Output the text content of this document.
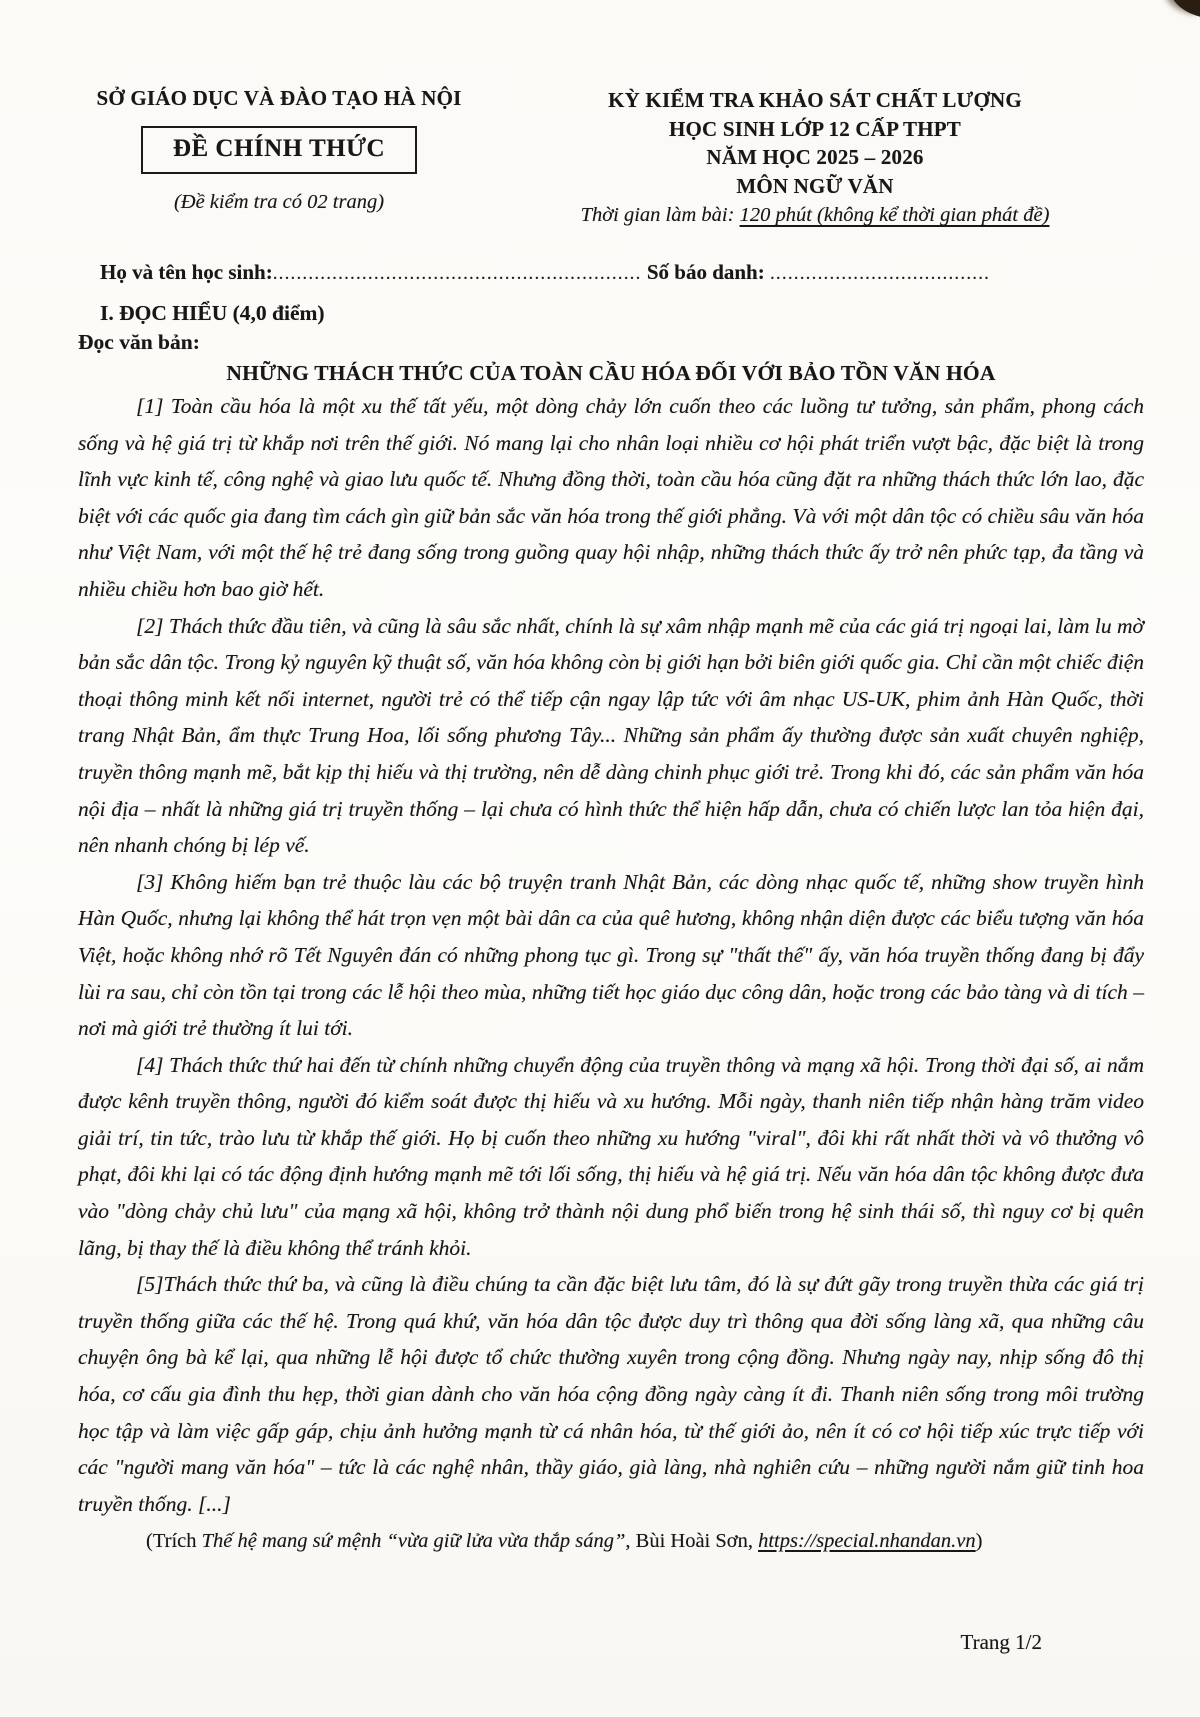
SỞ GIÁO DỤC VÀ ĐÀO TẠO HÀ NỘI
ĐỀ CHÍNH THỨC
(Đề kiểm tra có 02 trang)
KỲ KIỂM TRA KHẢO SÁT CHẤT LƯỢNG
HỌC SINH LỚP 12 CẤP THPT
NĂM HỌC 2025 – 2026
MÔN NGỮ VĂN
Thời gian làm bài: 120 phút (không kể thời gian phát đề)
Họ và tên học sinh:.............................................................. Số báo danh: .....................................
I. ĐỌC HIỂU (4,0 điểm)
Đọc văn bản:
NHỮNG THÁCH THỨC CỦA TOÀN CẦU HÓA ĐỐI VỚI BẢO TỒN VĂN HÓA

[1] Toàn cầu hóa là một xu thế tất yếu, một dòng chảy lớn cuốn theo các luồng tư tưởng, sản phẩm, phong cách sống và hệ giá trị từ khắp nơi trên thế giới. Nó mang lại cho nhân loại nhiều cơ hội phát triển vượt bậc, đặc biệt là trong lĩnh vực kinh tế, công nghệ và giao lưu quốc tế. Nhưng đồng thời, toàn cầu hóa cũng đặt ra những thách thức lớn lao, đặc biệt với các quốc gia đang tìm cách gìn giữ bản sắc văn hóa trong thế giới phẳng. Và với một dân tộc có chiều sâu văn hóa như Việt Nam, với một thế hệ trẻ đang sống trong guồng quay hội nhập, những thách thức ấy trở nên phức tạp, đa tầng và nhiều chiều hơn bao giờ hết.

[2] Thách thức đầu tiên, và cũng là sâu sắc nhất, chính là sự xâm nhập mạnh mẽ của các giá trị ngoại lai, làm lu mờ bản sắc dân tộc. Trong kỷ nguyên kỹ thuật số, văn hóa không còn bị giới hạn bởi biên giới quốc gia. Chỉ cần một chiếc điện thoại thông minh kết nối internet, người trẻ có thể tiếp cận ngay lập tức với âm nhạc US-UK, phim ảnh Hàn Quốc, thời trang Nhật Bản, ẩm thực Trung Hoa, lối sống phương Tây... Những sản phẩm ấy thường được sản xuất chuyên nghiệp, truyền thông mạnh mẽ, bắt kịp thị hiếu và thị trường, nên dễ dàng chinh phục giới trẻ. Trong khi đó, các sản phẩm văn hóa nội địa – nhất là những giá trị truyền thống – lại chưa có hình thức thể hiện hấp dẫn, chưa có chiến lược lan tỏa hiện đại, nên nhanh chóng bị lép vế.

[3] Không hiếm bạn trẻ thuộc làu các bộ truyện tranh Nhật Bản, các dòng nhạc quốc tế, những show truyền hình Hàn Quốc, nhưng lại không thể hát trọn vẹn một bài dân ca của quê hương, không nhận diện được các biểu tượng văn hóa Việt, hoặc không nhớ rõ Tết Nguyên đán có những phong tục gì. Trong sự "thất thế" ấy, văn hóa truyền thống đang bị đẩy lùi ra sau, chỉ còn tồn tại trong các lễ hội theo mùa, những tiết học giáo dục công dân, hoặc trong các bảo tàng và di tích – nơi mà giới trẻ thường ít lui tới.

[4] Thách thức thứ hai đến từ chính những chuyển động của truyền thông và mạng xã hội. Trong thời đại số, ai nắm được kênh truyền thông, người đó kiểm soát được thị hiếu và xu hướng. Mỗi ngày, thanh niên tiếp nhận hàng trăm video giải trí, tin tức, trào lưu từ khắp thế giới. Họ bị cuốn theo những xu hướng "viral", đôi khi rất nhất thời và vô thưởng vô phạt, đôi khi lại có tác động định hướng mạnh mẽ tới lối sống, thị hiếu và hệ giá trị. Nếu văn hóa dân tộc không được đưa vào "dòng chảy chủ lưu" của mạng xã hội, không trở thành nội dung phổ biến trong hệ sinh thái số, thì nguy cơ bị quên lãng, bị thay thế là điều không thể tránh khỏi.

[5]Thách thức thứ ba, và cũng là điều chúng ta cần đặc biệt lưu tâm, đó là sự đứt gãy trong truyền thừa các giá trị truyền thống giữa các thế hệ. Trong quá khứ, văn hóa dân tộc được duy trì thông qua đời sống làng xã, qua những câu chuyện ông bà kể lại, qua những lễ hội được tổ chức thường xuyên trong cộng đồng. Nhưng ngày nay, nhịp sống đô thị hóa, cơ cấu gia đình thu hẹp, thời gian dành cho văn hóa cộng đồng ngày càng ít đi. Thanh niên sống trong môi trường học tập và làm việc gấp gáp, chịu ảnh hưởng mạnh từ cá nhân hóa, từ thế giới ảo, nên ít có cơ hội tiếp xúc trực tiếp với các "người mang văn hóa" – tức là các nghệ nhân, thầy giáo, già làng, nhà nghiên cứu – những người nắm giữ tinh hoa truyền thống. [...]

(Trích Thế hệ mang sứ mệnh “vừa giữ lửa vừa thắp sáng”, Bùi Hoài Sơn, https://special.nhandan.vn)

Trang 1/2
